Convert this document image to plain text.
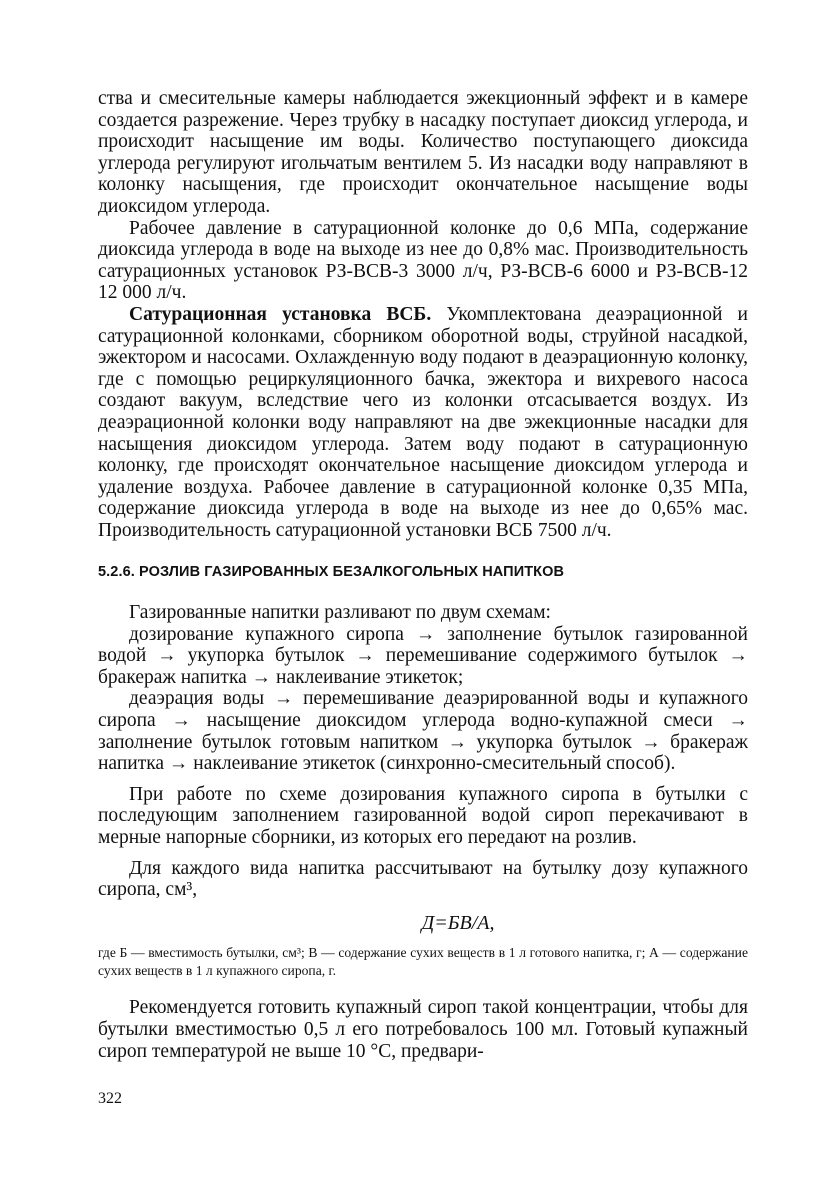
ства и смесительные камеры наблюдается эжекционный эффект и в камере создается разрежение. Через трубку в насадку поступает диоксид углерода, и происходит насыщение им воды. Количество поступающего диоксида углерода регулируют игольчатым вентилем 5. Из насадки воду направляют в колонку насыщения, где происходит окончательное насыщение воды диоксидом углерода.

Рабочее давление в сатурационной колонке до 0,6 МПа, содержание диоксида углерода в воде на выходе из нее до 0,8% мас. Производительность сатурационных установок РЗ-ВСВ-3 3000 л/ч, РЗ-ВСВ-6 6000 и РЗ-ВСВ-12 12 000 л/ч.

Сатурационная установка ВСБ. Укомплектована деаэрационной и сатурационной колонками, сборником оборотной воды, струйной насадкой, эжектором и насосами. Охлажденную воду подают в деаэрационную колонку, где с помощью рециркуляционного бачка, эжектора и вихревого насоса создают вакуум, вследствие чего из колонки отсасывается воздух. Из деаэрационной колонки воду направляют на две эжекционные насадки для насыщения диоксидом углерода. Затем воду подают в сатурационную колонку, где происходят окончательное насыщение диоксидом углерода и удаление воздуха. Рабочее давление в сатурационной колонке 0,35 МПа, содержание диоксида углерода в воде на выходе из нее до 0,65% мас. Производительность сатурационной установки ВСБ 7500 л/ч.

5.2.6. РОЗЛИВ ГАЗИРОВАННЫХ БЕЗАЛКОГОЛЬНЫХ НАПИТКОВ

Газированные напитки разливают по двум схемам:

дозирование купажного сиропа → заполнение бутылок газированной водой → укупорка бутылок → перемешивание содержимого бутылок → бракераж напитка → наклеивание этикеток;

деаэрация воды → перемешивание деаэрированной воды и купажного сиропа → насыщение диоксидом углерода водно-купажной смеси → заполнение бутылок готовым напитком → укупорка бутылок → бракераж напитка → наклеивание этикеток (синхронно-смесительный способ).

При работе по схеме дозирования купажного сиропа в бутылки с последующим заполнением газированной водой сироп перекачивают в мерные напорные сборники, из которых его передают на розлив.

Для каждого вида напитка рассчитывают на бутылку дозу купажного сиропа, см³,

Д=БВ/А,

где Б — вместимость бутылки, см³; В — содержание сухих веществ в 1 л готового напитка, г; А — содержание сухих веществ в 1 л купажного сиропа, г.

Рекомендуется готовить купажный сироп такой концентрации, чтобы для бутылки вместимостью 0,5 л его потребовалось 100 мл. Готовый купажный сироп температурой не выше 10 °С, предвари-

322
